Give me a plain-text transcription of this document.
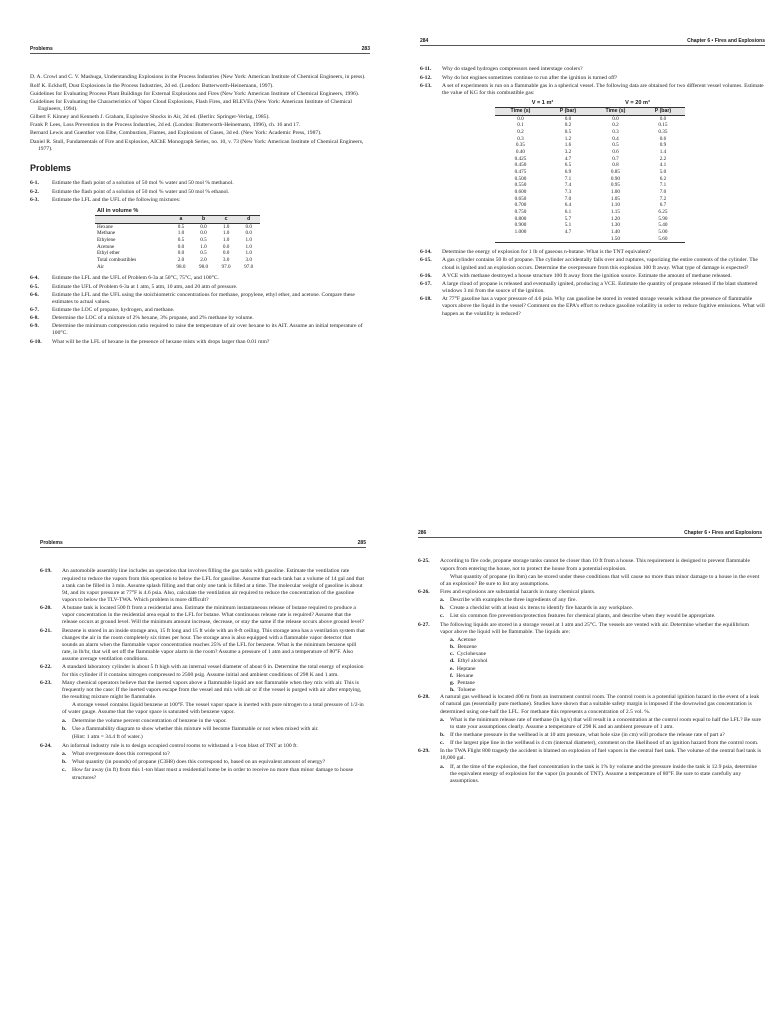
Problems	283

D. A. Crowl and C. V. Mashuga, Understanding Explosions in the Process Industries (New York: American Institute of Chemical Engineers, in press).

Rolf K. Eckhoff, Dust Explosions in the Process Industries, 2d ed. (London: Butterworth-Heinemann, 1997).

Guidelines for Evaluating Process Plant Buildings for External Explosions and Fires (New York: American Institute of Chemical Engineers, 1996).

Guidelines for Evaluating the Characteristics of Vapor Cloud Explosions, Flash Fires, and BLEVEs (New York: American Institute of Chemical Engineers, 1994).

Gilbert F. Kinney and Kenneth J. Graham, Explosive Shocks in Air, 2d ed. (Berlin: Springer-Verlag, 1985).

Frank P. Lees, Loss Prevention in the Process Industries, 2d ed. (London: Butterworth-Heinemann, 1996), ch. 16 and 17.

Bernard Lewis and Guenther von Elbe, Combustion, Flames, and Explosions of Gases, 3d ed. (New York: Academic Press, 1987).

Daniel R. Stull, Fundamentals of Fire and Explosion, AIChE Monograph Series, no. 10, v. 73 (New York: American Institute of Chemical Engineers, 1977).

Problems

6-1. Estimate the flash point of a solution of 50 mol % water and 50 mol % methanol.

6-2. Estimate the flash point of a solution of 50 mol % water and 50 mol % ethanol.

6-3. Estimate the LFL and the UFL of the following mixtures:

All in volume %				
	a	b	c	d
Hexane	0.5	0.0	1.0	0.0
Methane	1.0	0.0	1.0	0.0
Ethylene	0.5	0.5	1.0	1.0
Acetone	0.0	1.0	0.0	1.0
Ethyl ether	0.0	0.5	0.0	1.0
Total combustibles	2.0	2.0	3.0	3.0
Air	98.0	98.0	97.0	97.0

6-4. Estimate the LFL and the UFL of Problem 6-3a at 50°C, 75°C, and 100°C.

6-5. Estimate the UFL of Problem 6-3a at 1 atm, 5 atm, 10 atm, and 20 atm of pressure.

6-6. Estimate the LFL and the UFL using the stoichiometric concentrations for methane, propylene, ethyl ether, and acetone. Compare these estimates to actual values.

6-7. Estimate the LOC of propane, hydrogen, and methane.

6-8. Determine the LOC of a mixture of 2% hexane, 3% propane, and 2% methane by volume.

6-9. Determine the minimum compression ratio required to raise the temperature of air over hexane to its AIT. Assume an initial temperature of 100°C.

6-10. What will be the LFL of hexane in the presence of hexane mists with drops larger than 0.01 mm?

284	Chapter 6 • Fires and Explosions

6-11. Why do staged hydrogen compressors need interstage coolers?

6-12. Why do hot engines sometimes continue to run after the ignition is turned off?

6-13. A set of experiments is run on a flammable gas in a spherical vessel. The following data are obtained for two different vessel volumes. Estimate the value of KG for this combustible gas:

V = 1 m³		V = 20 m³	
Time (s)	P (bar)	Time (s)	P (bar)
0.0	0.0	0.0	0.0
0.1	0.2	0.2	0.15
0.2	0.5	0.3	0.35
0.3	1.2	0.4	0.6
0.35	1.6	0.5	0.9
0.40	3.2	0.6	1.4
0.425	4.7	0.7	2.2
0.450	6.5	0.8	4.1
0.475	6.9	0.85	5.0
0.500	7.1	0.90	6.2
0.550	7.4	0.95	7.1
0.600	7.3	1.00	7.0
0.650	7.0	1.05	7.2
0.700	6.4	1.10	6.7
0.750	6.1	1.15	6.25
0.800	5.7	1.20	5.90
0.900	5.1	1.30	5.40
1.000	4.7	1.40	5.00
		1.50	5.60

6-14. Determine the energy of explosion for 1 lb of gaseous n-butane. What is the TNT equivalent?

6-15. A gas cylinder contains 50 lb of propane. The cylinder accidentally falls over and ruptures, vaporizing the entire contents of the cylinder. The cloud is ignited and an explosion occurs. Determine the overpressure from this explosion 100 ft away. What type of damage is expected?

6-16. A VCE with methane destroyed a house structure 100 ft away from the ignition source. Estimate the amount of methane released.

6-17. A large cloud of propane is released and eventually ignited, producing a VCE. Estimate the quantity of propane released if the blast shattered windows 3 mi from the source of the ignition.

6-18. At 77°F gasoline has a vapor pressure of 4.6 psia. Why can gasoline be stored in vented storage vessels without the presence of flammable vapors above the liquid in the vessel? Comment on the EPA's effort to reduce gasoline volatility in order to reduce fugitive emissions. What will happen as the volatility is reduced?

Problems	285

6-19. An automobile assembly line includes an operation that involves filling the gas tanks with gasoline. Estimate the ventilation rate required to reduce the vapors from this operation to below the LFL for gasoline. Assume that each tank has a volume of 14 gal and that a tank can be filled in 3 min. Assume splash filling and that only one tank is filled at a time. The molecular weight of gasoline is about 94, and its vapor pressure at 77°F is 4.6 psia. Also, calculate the ventilation air required to reduce the concentration of the gasoline vapors to below the TLV-TWA. Which problem is more difficult?

6-20. A butane tank is located 500 ft from a residential area. Estimate the minimum instantaneous release of butane required to produce a vapor concentration in the residential area equal to the LFL for butane. What continuous release rate is required? Assume that the release occurs at ground level. Will the minimum amount increase, decrease, or stay the same if the release occurs above ground level?

6-21. Benzene is stored in an inside storage area, 15 ft long and 15 ft wide with an 8-ft ceiling. This storage area has a ventilation system that changes the air in the room completely six times per hour. The storage area is also equipped with a flammable vapor detector that sounds an alarm when the flammable vapor concentration reaches 25% of the LFL for benzene. What is the minimum benzene spill rate, in lb/hr, that will set off the flammable vapor alarm in the room? Assume a pressure of 1 atm and a temperature of 80°F. Also assume average ventilation conditions.

6-22. A standard laboratory cylinder is about 5 ft high with an internal vessel diameter of about 6 in. Determine the total energy of explosion for this cylinder if it contains nitrogen compressed to 2500 psig. Assume initial and ambient conditions of 298 K and 1 atm.

6-23. Many chemical operators believe that the inerted vapors above a flammable liquid are not flammable when they mix with air. This is frequently not the case: If the inerted vapors escape from the vessel and mix with air or if the vessel is purged with air after emptying, the resulting mixture might be flammable.

A storage vessel contains liquid benzene at 100°F. The vessel vapor space is inerted with pure nitrogen to a total pressure of 1/2-in of water gauge. Assume that the vapor space is saturated with benzene vapor.

a. Determine the volume percent concentration of benzene in the vapor.

b. Use a flammability diagram to show whether this mixture will become flammable or not when mixed with air.

(Hint: 1 atm = 34.4 ft of water.)

6-24. An informal industry rule is to design occupied control rooms to withstand a 1-ton blast of TNT at 100 ft.

a. What overpressure does this correspond to?

b. What quantity (in pounds) of propane (C3H8) does this correspond to, based on an equivalent amount of energy?

c. How far away (in ft) from this 1-ton blast must a residential home be in order to receive no more than minor damage to house structures?

286	Chapter 6 • Fires and Explosions

6-25. According to fire code, propane storage tanks cannot be closer than 10 ft from a house. This requirement is designed to prevent flammable vapors from entering the house, not to protect the house from a potential explosion.

What quantity of propane (in lbm) can be stored under these conditions that will cause no more than minor damage to a house in the event of an explosion? Be sure to list any assumptions.

6-26. Fires and explosions are substantial hazards in many chemical plants.

a. Describe with examples the three ingredients of any fire.

b. Create a checklist with at least six items to identify fire hazards in any workplace.

c. List six common fire prevention/protection features for chemical plants, and describe when they would be appropriate.

6-27. The following liquids are stored in a storage vessel at 1 atm and 25°C. The vessels are vented with air. Determine whether the equilibrium vapor above the liquid will be flammable. The liquids are:

a. Acetone

b. Benzene

c. Cyclohexane

d. Ethyl alcohol

e. Heptane

f. Hexane

g. Pentane

h. Toluene

6-28. A natural gas wellhead is located 400 m from an instrument control room. The control room is a potential ignition hazard in the event of a leak of natural gas (essentially pure methane). Studies have shown that a suitable safety margin is imposed if the downwind gas concentration is determined using one-half the LFL. For methane this represents a concentration of 2.5 vol. %.

a. What is the minimum release rate of methane (in kg/s) that will result in a concentration at the control room equal to half the LFL? Be sure to state your assumptions clearly. Assume a temperature of 298 K and an ambient pressure of 1 atm.

b. If the methane pressure in the wellhead is at 10 atm pressure, what hole size (in cm) will produce the release rate of part a?

c. If the largest pipe line in the wellhead is 4 cm (internal diameter), comment on the likelihood of an ignition hazard from the control room.

6-29. In the TWA Flight 800 tragedy the accident is blamed on explosion of fuel vapors in the central fuel tank. The volume of the central fuel tank is 18,000 gal.

a. If, at the time of the explosion, the fuel concentration in the tank is 1% by volume and the pressure inside the tank is 12.9 psia, determine the equivalent energy of explosion for the vapor (in pounds of TNT). Assume a temperature of 80°F. Be sure to state carefully any assumptions.
